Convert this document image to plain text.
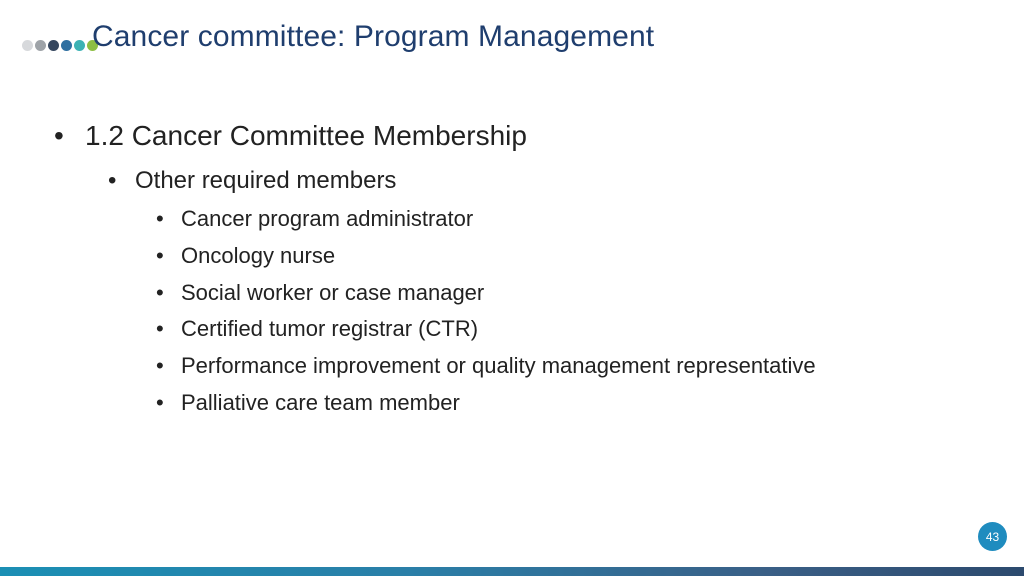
Cancer committee: Program Management
• 1.2 Cancer Committee Membership
• Other required members
• Cancer program administrator
• Oncology nurse
• Social worker or case manager
• Certified tumor registrar (CTR)
• Performance improvement or quality management representative
• Palliative care team member
43
